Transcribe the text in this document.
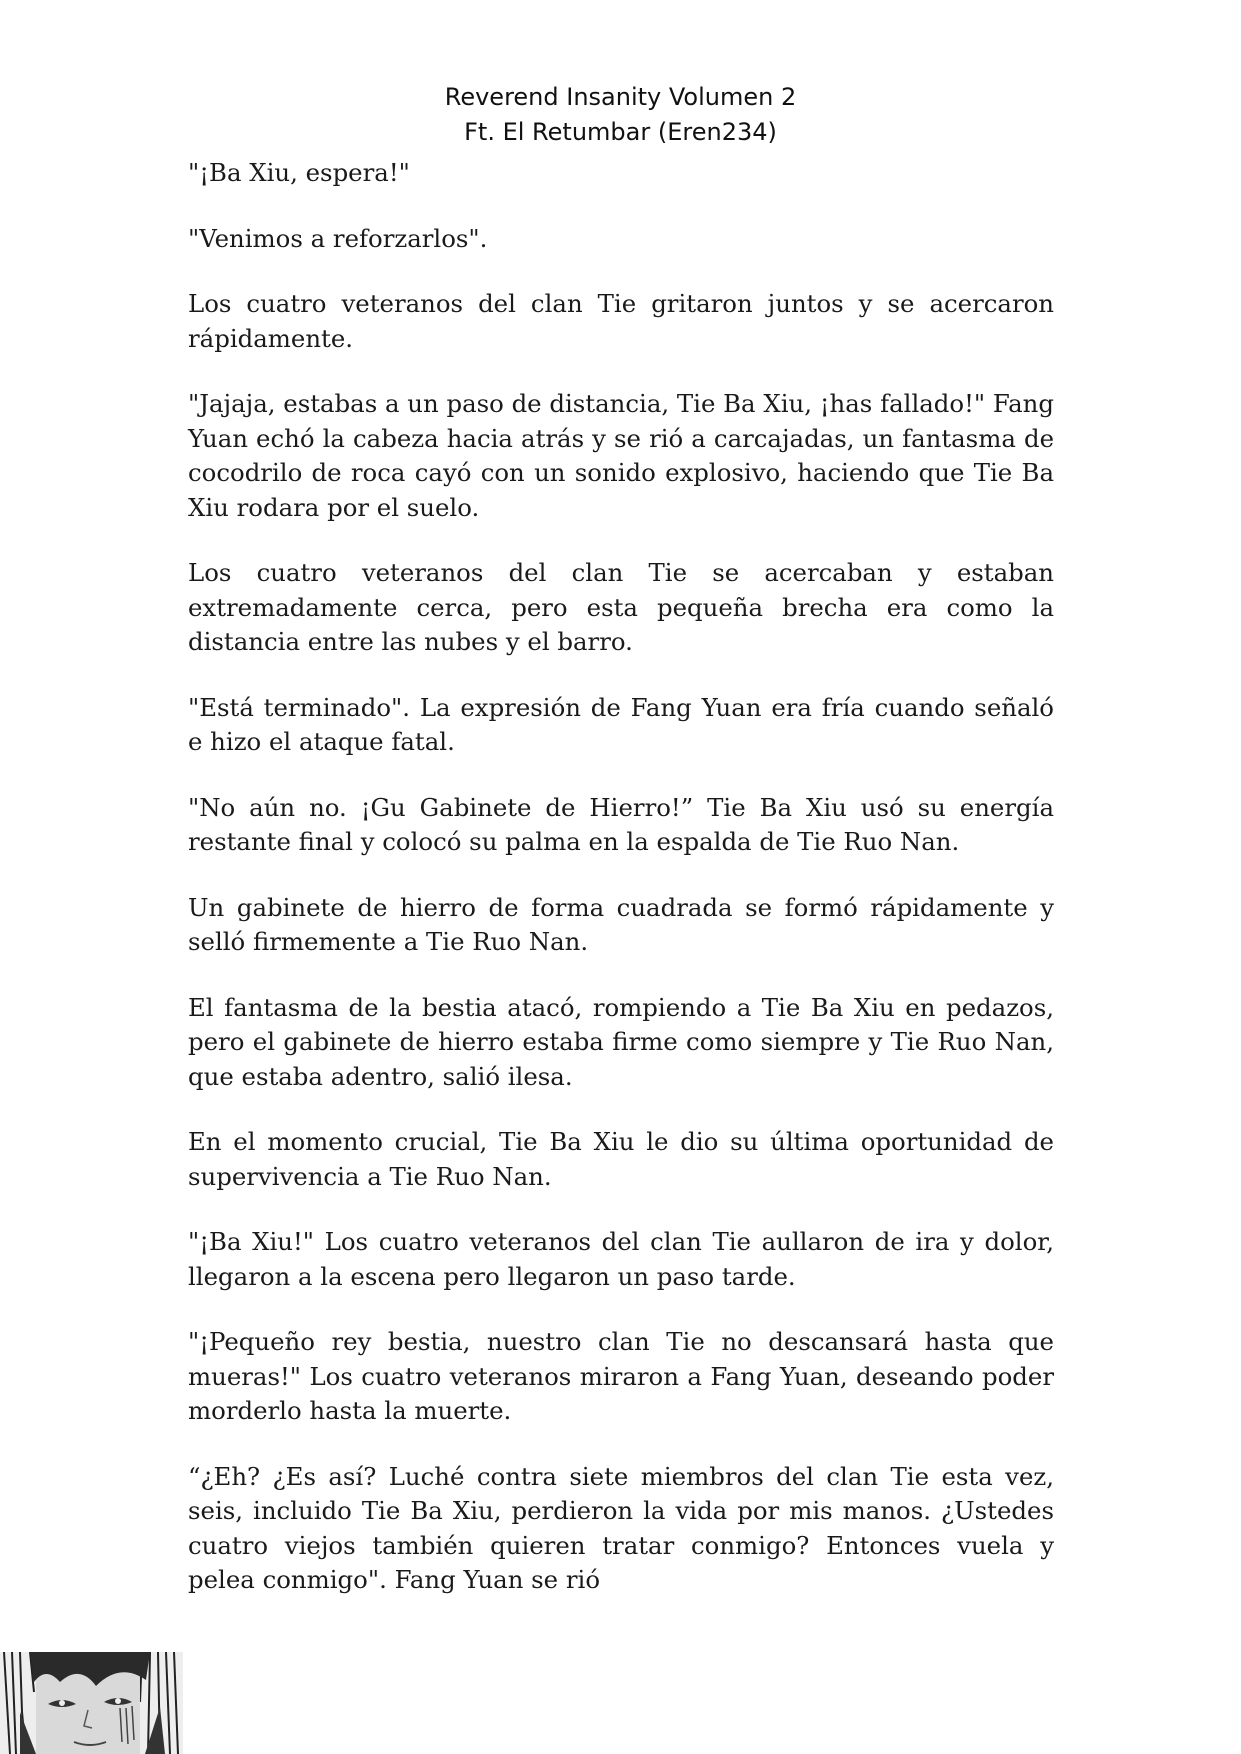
Reverend Insanity Volumen 2
Ft. El Retumbar (Eren234)

"¡Ba Xiu, espera!"

"Venimos a reforzarlos".

Los cuatro veteranos del clan Tie gritaron juntos y se acercaron rápidamente.

"Jajaja, estabas a un paso de distancia, Tie Ba Xiu, ¡has fallado!" Fang Yuan echó la cabeza hacia atrás y se rió a carcajadas, un fantasma de cocodrilo de roca cayó con un sonido explosivo, haciendo que Tie Ba Xiu rodara por el suelo.

Los cuatro veteranos del clan Tie se acercaban y estaban extremadamente cerca, pero esta pequeña brecha era como la distancia entre las nubes y el barro.

"Está terminado". La expresión de Fang Yuan era fría cuando señaló e hizo el ataque fatal.

"No aún no. ¡Gu Gabinete de Hierro!” Tie Ba Xiu usó su energía restante final y colocó su palma en la espalda de Tie Ruo Nan.

Un gabinete de hierro de forma cuadrada se formó rápidamente y selló firmemente a Tie Ruo Nan.

El fantasma de la bestia atacó, rompiendo a Tie Ba Xiu en pedazos, pero el gabinete de hierro estaba firme como siempre y Tie Ruo Nan, que estaba adentro, salió ilesa.

En el momento crucial, Tie Ba Xiu le dio su última oportunidad de supervivencia a Tie Ruo Nan.

"¡Ba Xiu!" Los cuatro veteranos del clan Tie aullaron de ira y dolor, llegaron a la escena pero llegaron un paso tarde.

"¡Pequeño rey bestia, nuestro clan Tie no descansará hasta que mueras!" Los cuatro veteranos miraron a Fang Yuan, deseando poder morderlo hasta la muerte.

“¿Eh? ¿Es así? Luché contra siete miembros del clan Tie esta vez, seis, incluido Tie Ba Xiu, perdieron la vida por mis manos. ¿Ustedes cuatro viejos también quieren tratar conmigo? Entonces vuela y pelea conmigo". Fang Yuan se rió
